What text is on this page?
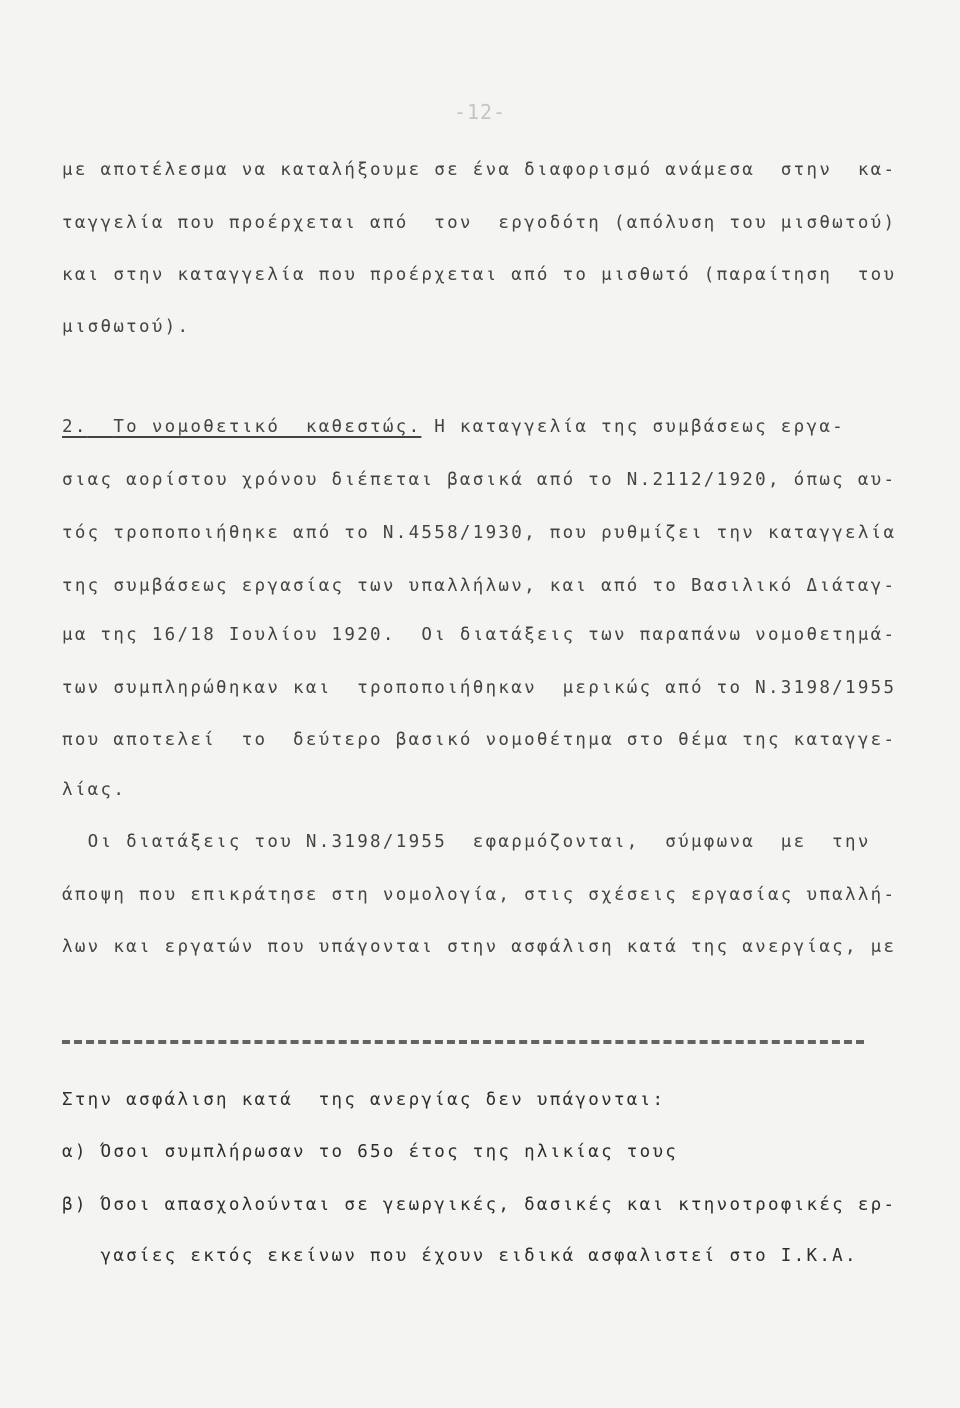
-12-
με αποτέλεσμα να καταλήξουμε σε ένα διαφορισμό ανάμεσα  στην  κα-
ταγγελία που προέρχεται από  τον  εργοδότη (απόλυση του μισθωτού)
και στην καταγγελία που προέρχεται από το μισθωτό (παραίτηση  του
μισθωτού).
2. Το νομοθετικό  καθεστώς. Η καταγγελία της συμβάσεως εργα-
σιας αορίστου χρόνου διέπεται βασικά από το Ν.2112/1920, όπως αυ-
τός τροποποιήθηκε από το Ν.4558/1930, που ρυθμίζει την καταγγελία
της συμβάσεως εργασίας των υπαλλήλων, και από το Βασιλικό Διάταγ-
μα της 16/18 Ιουλίου 1920.  Οι διατάξεις των παραπάνω νομοθετημά-
των συμπληρώθηκαν και  τροποποιήθηκαν  μερικώς από το Ν.3198/1955
που αποτελεί  το  δεύτερο βασικό νομοθέτημα στο θέμα της καταγγε-
λίας.
Οι διατάξεις του Ν.3198/1955  εφαρμόζονται,  σύμφωνα  με  την
άποψη που επικράτησε στη νομολογία, στις σχέσεις εργασίας υπαλλή-
λων και εργατών που υπάγονται στην ασφάλιση κατά της ανεργίας, με
Στην ασφάλιση κατά  της ανεργίας δεν υπάγονται:
α) Όσοι συμπλήρωσαν το 65ο έτος της ηλικίας τους
β) Όσοι απασχολούνται σε γεωργικές, δασικές και κτηνοτροφικές ερ-
γασίες εκτός εκείνων που έχουν ειδικά ασφαλιστεί στο Ι.Κ.Α.
